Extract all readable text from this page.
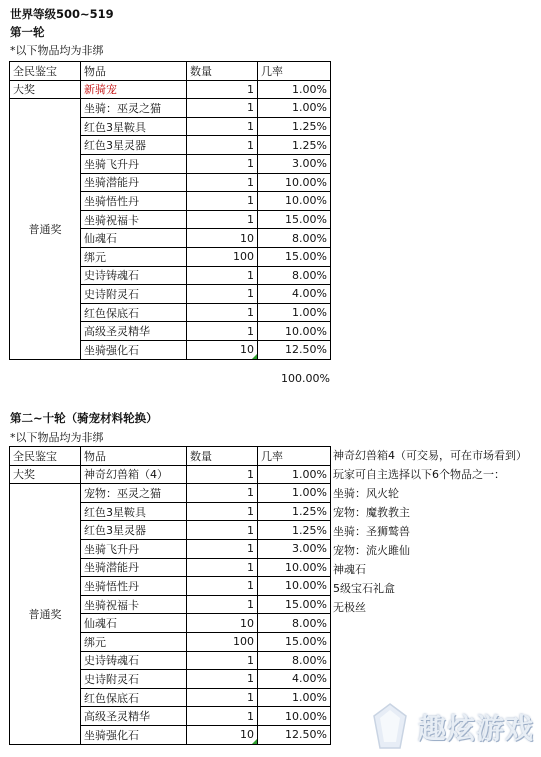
世界等级500~519
第一轮
*以下物品均为非绑
全民鉴宝	物品	数量	几率
大奖	新骑宠	1	1.00%
普通奖	坐骑：巫灵之猫	1	1.00%
	红色3星鞍具	1	1.25%
	红色3星灵器	1	1.25%
	坐骑飞升丹	1	3.00%
	坐骑潜能丹	1	10.00%
	坐骑悟性丹	1	10.00%
	坐骑祝福卡	1	15.00%
	仙魂石	10	8.00%
	绑元	100	15.00%
	史诗铸魂石	1	8.00%
	史诗附灵石	1	4.00%
	红色保底石	1	1.00%
	高级圣灵精华	1	10.00%
	坐骑强化石	10	12.50%
100.00%
第二~十轮（骑宠材料轮换）
*以下物品均为非绑
全民鉴宝	物品	数量	几率
大奖	神奇幻兽箱（4）	1	1.00%
普通奖	宠物：巫灵之猫	1	1.00%
	红色3星鞍具	1	1.25%
	红色3星灵器	1	1.25%
	坐骑飞升丹	1	3.00%
	坐骑潜能丹	1	10.00%
	坐骑悟性丹	1	10.00%
	坐骑祝福卡	1	15.00%
	仙魂石	10	8.00%
	绑元	100	15.00%
	史诗铸魂石	1	8.00%
	史诗附灵石	1	4.00%
	红色保底石	1	1.00%
	高级圣灵精华	1	10.00%
	坐骑强化石	10	12.50%
神奇幻兽箱4（可交易，可在市场看到）
玩家可自主选择以下6个物品之一：
坐骑：风火轮
宠物：魔教教主
坐骑：圣狮鹫兽
宠物：流火雎仙
神魂石
5级宝石礼盒
无极丝
趣炫游戏
